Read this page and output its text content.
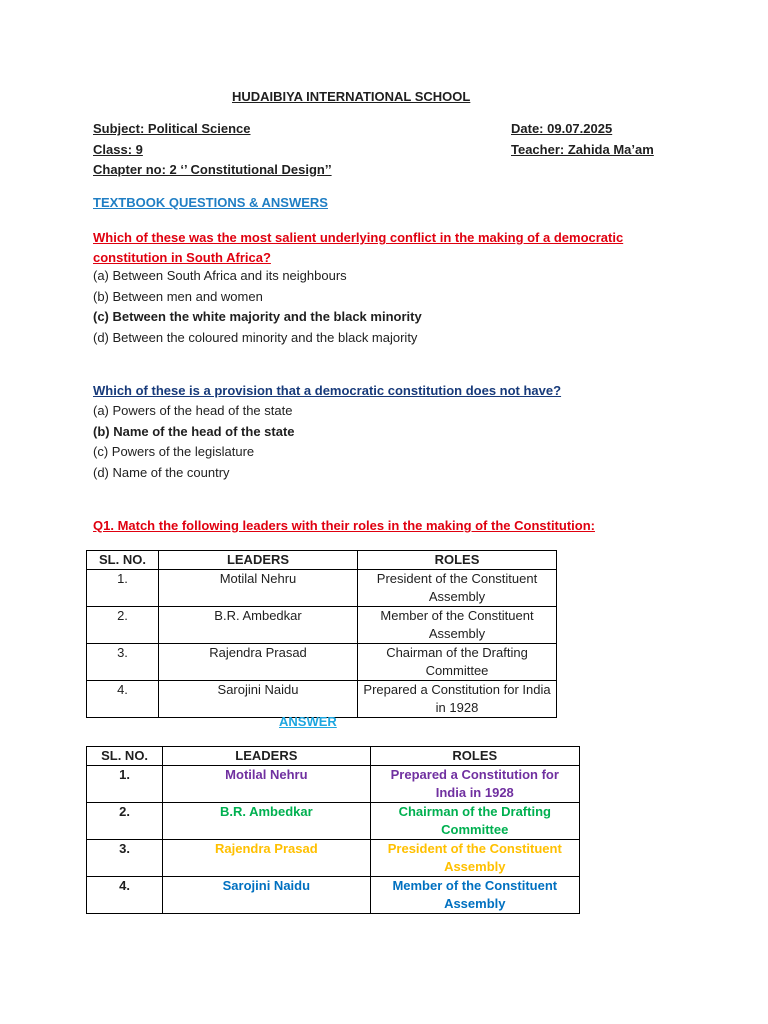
HUDAIBIYA INTERNATIONAL SCHOOL
Subject: Political Science
Class: 9
Chapter no: 2 ‘’ Constitutional Design’’
Date: 09.07.2025
Teacher: Zahida Ma’am
TEXTBOOK QUESTIONS & ANSWERS
Which of these was the most salient underlying conflict in the making of a democratic constitution in South Africa?
(a) Between South Africa and its neighbours
(b) Between men and women
(c) Between the white majority and the black minority
(d) Between the coloured minority and the black majority
Which of these is a provision that a democratic constitution does not have?
(a) Powers of the head of the state
(b) Name of the head of the state
(c) Powers of the legislature
(d) Name of the country
Q1. Match the following leaders with their roles in the making of the Constitution:
SL. NO.	LEADERS	ROLES
1.	Motilal Nehru	President of the Constituent Assembly
2.	B.R. Ambedkar	Member of the Constituent Assembly
3.	Rajendra Prasad	Chairman of the Drafting Committee
4.	Sarojini Naidu	Prepared a Constitution for India in 1928
ANSWER
SL. NO.	LEADERS	ROLES
1.	Motilal Nehru	Prepared a Constitution for India in 1928
2.	B.R. Ambedkar	Chairman of the Drafting Committee
3.	Rajendra Prasad	President of the Constituent Assembly
4.	Sarojini Naidu	Member of the Constituent Assembly
